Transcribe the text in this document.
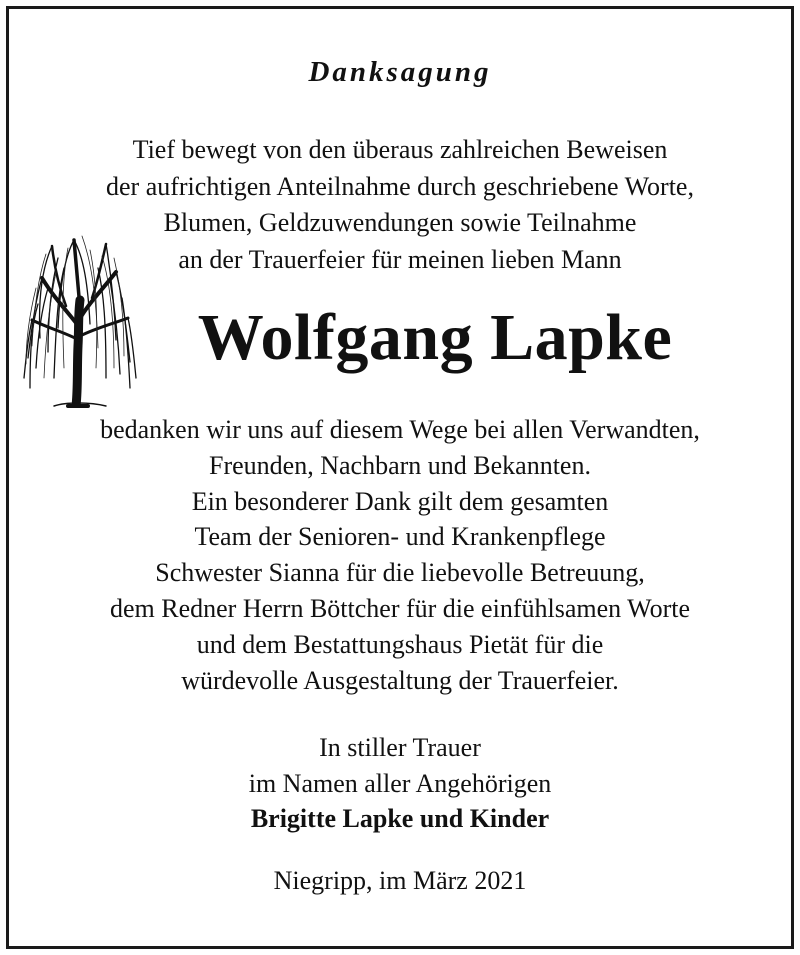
Danksagung
Tief bewegt von den überaus zahlreichen Beweisen
der aufrichtigen Anteilnahme durch geschriebene Worte,
Blumen, Geldzuwendungen sowie Teilnahme
an der Trauerfeier für meinen lieben Mann
Wolfgang Lapke
bedanken wir uns auf diesem Wege bei allen Verwandten,
Freunden, Nachbarn und Bekannten.
Ein besonderer Dank gilt dem gesamten
Team der Senioren- und Krankenpflege
Schwester Sianna für die liebevolle Betreuung,
dem Redner Herrn Böttcher für die einfühlsamen Worte
und dem Bestattungshaus Pietät für die
würdevolle Ausgestaltung der Trauerfeier.
In stiller Trauer
im Namen aller Angehörigen
Brigitte Lapke und Kinder
Niegripp, im März 2021
